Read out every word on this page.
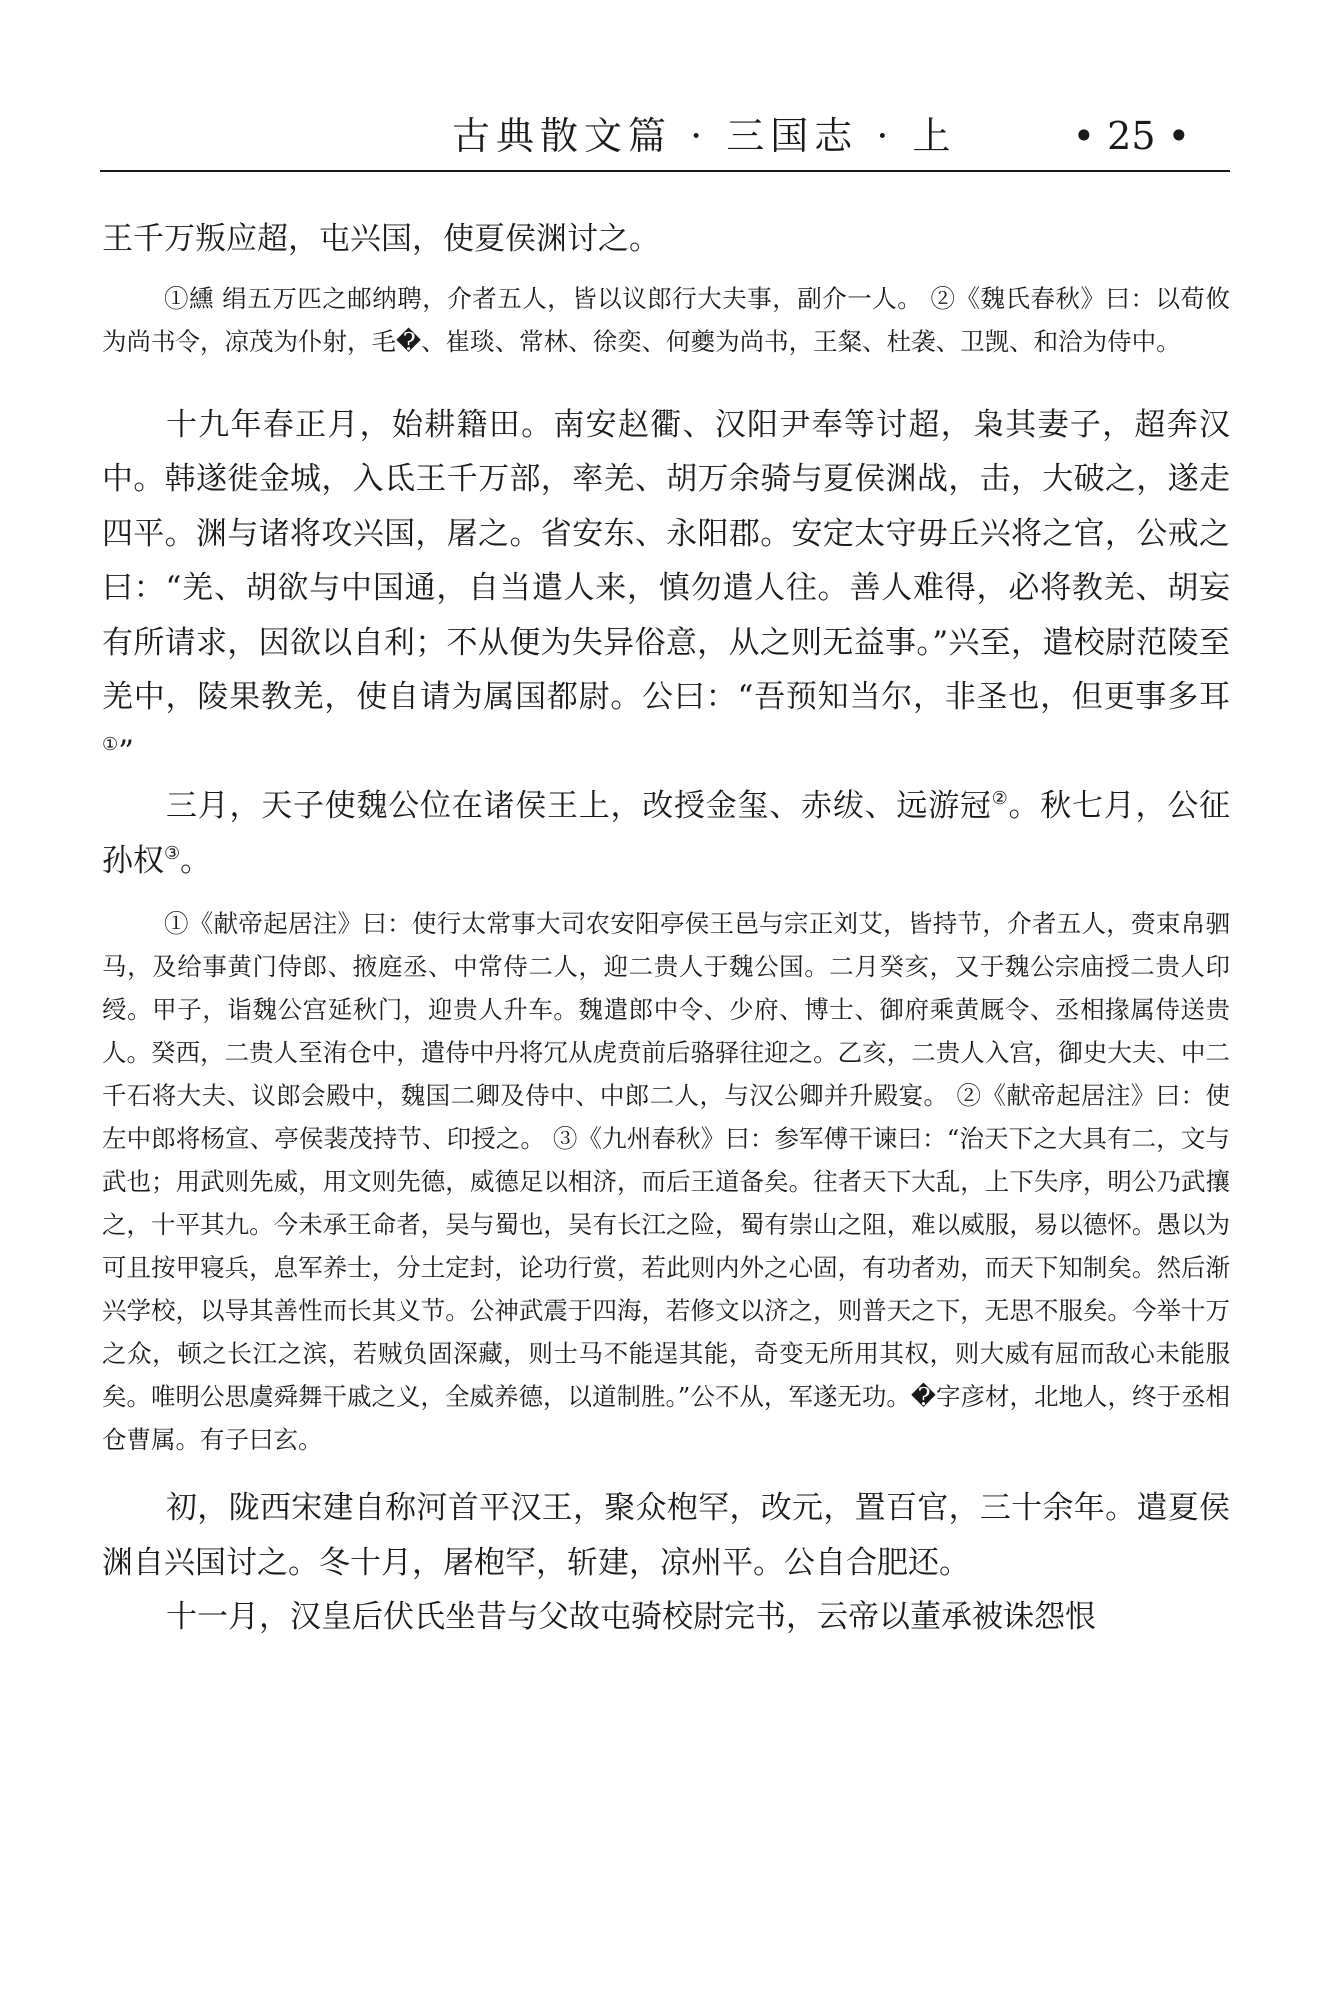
古典散文篇 · 三国志 · 上	• 25 •

王千万叛应超，屯兴国，使夏侯渊讨之。

①纁 绢五万匹之邮纳聘，介者五人，皆以议郎行大夫事，副介一人。 ②《魏氏春秋》曰：以荀攸为尚书令，凉茂为仆射，毛�、崔琰、常林、徐奕、何夔为尚书，王粲、杜袭、卫觊、和洽为侍中。

十九年春正月，始耕籍田。南安赵衢、汉阳尹奉等讨超，枭其妻子，超奔汉中。韩遂徙金城，入氐王千万部，率羌、胡万余骑与夏侯渊战，击，大破之，遂走四平。渊与诸将攻兴国，屠之。省安东、永阳郡。安定太守毋丘兴将之官，公戒之曰：“羌、胡欲与中国通，自当遣人来，慎勿遣人往。善人难得，必将教羌、胡妄有所请求，因欲以自利；不从便为失异俗意，从之则无益事。”兴至，遣校尉范陵至羌中，陵果教羌，使自请为属国都尉。公曰：“吾预知当尔，非圣也，但更事多耳①”

三月，天子使魏公位在诸侯王上，改授金玺、赤绂、远游冠②。秋七月，公征孙权③。

①《献帝起居注》曰：使行太常事大司农安阳亭侯王邑与宗正刘艾，皆持节，介者五人，赍束帛驷马，及给事黄门侍郎、掖庭丞、中常侍二人，迎二贵人于魏公国。二月癸亥，又于魏公宗庙授二贵人印绶。甲子，诣魏公宫延秋门，迎贵人升车。魏遣郎中令、少府、博士、御府乘黄厩令、丞相掾属侍送贵人。癸西，二贵人至洧仓中，遣侍中丹将冗从虎贲前后骆驿往迎之。乙亥，二贵人入宫，御史大夫、中二千石将大夫、议郎会殿中，魏国二卿及侍中、中郎二人，与汉公卿并升殿宴。 ②《献帝起居注》曰：使左中郎将杨宣、亭侯裴茂持节、印授之。 ③《九州春秋》曰：参军傅干谏曰：“治天下之大具有二，文与武也；用武则先威，用文则先德，威德足以相济，而后王道备矣。往者天下大乱，上下失序，明公乃武攘之，十平其九。今未承王命者，吴与蜀也，吴有长江之险，蜀有崇山之阻，难以威服，易以德怀。愚以为可且按甲寝兵，息军养士，分土定封，论功行赏，若此则内外之心固，有功者劝，而天下知制矣。然后渐兴学校，以导其善性而长其义节。公神武震于四海，若修文以济之，则普天之下，无思不服矣。今举十万之众，顿之长江之滨，若贼负固深藏，则士马不能逞其能，奇变无所用其权，则大威有屈而敌心未能服矣。唯明公思虞舜舞干戚之义，全威养德，以道制胜。”公不从，军遂无功。�字彦材，北地人，终于丞相仓曹属。有子曰玄。

初，陇西宋建自称河首平汉王，聚众枹罕，改元，置百官，三十余年。遣夏侯渊自兴国讨之。冬十月，屠枹罕，斩建，凉州平。公自合肥还。

十一月，汉皇后伏氏坐昔与父故屯骑校尉完书，云帝以董承被诛怨恨
